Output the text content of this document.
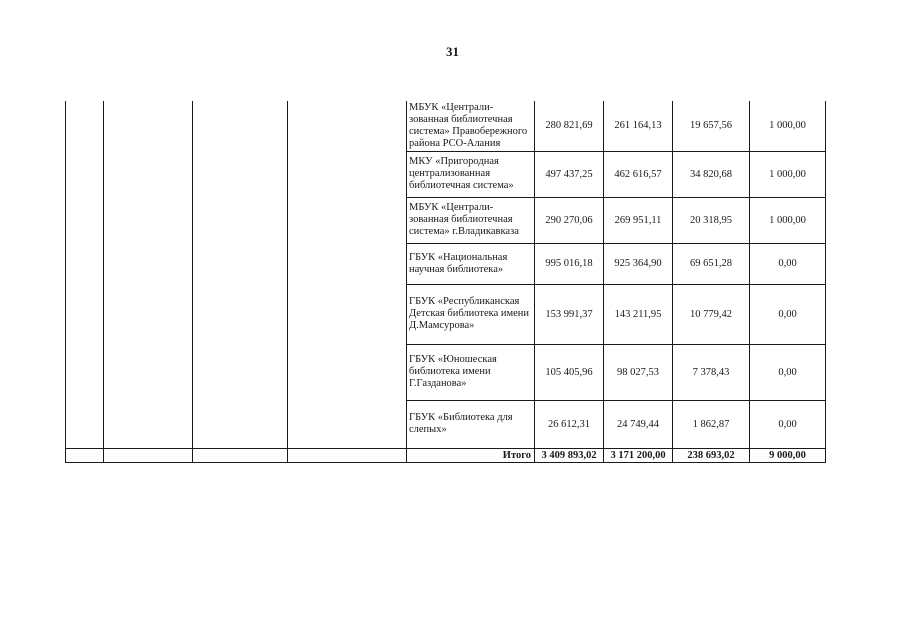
31
				МБУК «Централи-зованная библиотечная система» Правобережного района РСО-Алания	280 821,69	261 164,13	19 657,56	1 000,00
				МКУ «Пригородная централизованная библиотечная система»	497 437,25	462 616,57	34 820,68	1 000,00
				МБУК «Централи-зованная библиотечная система» г.Владикавказа	290 270,06	269 951,11	20 318,95	1 000,00
				ГБУК «Национальная научная библиотека»	995 016,18	925 364,90	69 651,28	0,00
				ГБУК «Республиканская Детская библиотека имени Д.Мамсурова»	153 991,37	143 211,95	10 779,42	0,00
				ГБУК «Юношеская библиотека имени Г.Газданова»	105 405,96	98 027,53	7 378,43	0,00
				ГБУК «Библиотека для слепых»	26 612,31	24 749,44	1 862,87	0,00
				Итого	3 409 893,02	3 171 200,00	238 693,02	9 000,00
